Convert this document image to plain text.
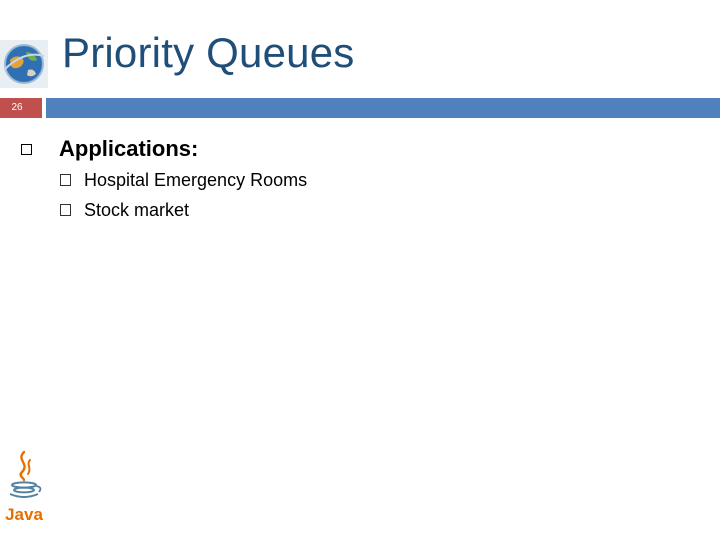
Priority Queues
26
Applications:
Hospital Emergency Rooms
Stock market
Java
